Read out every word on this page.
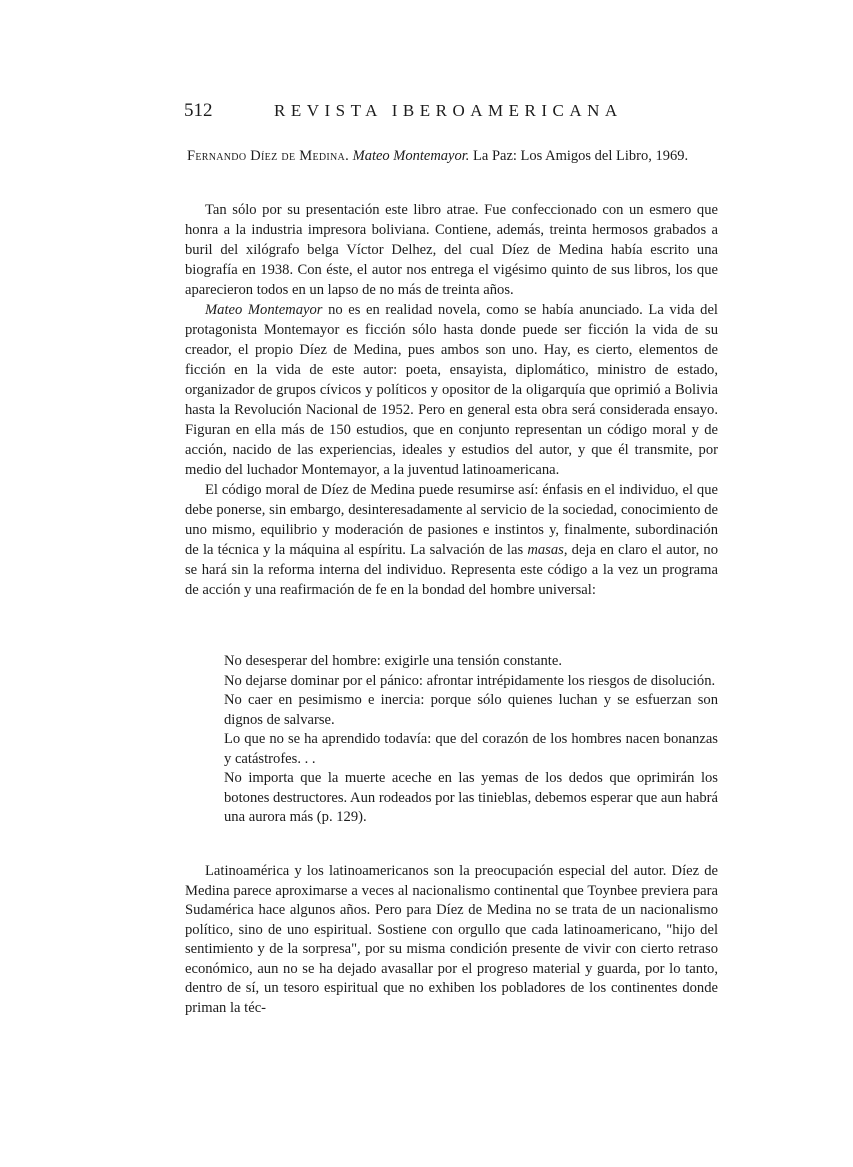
512	REVISTA IBEROAMERICANA
Fernando Díez de Medina. Mateo Montemayor. La Paz: Los Amigos del Libro, 1969.

Tan sólo por su presentación este libro atrae. Fue confeccionado con un esmero que honra a la industria impresora boliviana. Contiene, además, treinta hermosos grabados a buril del xilógrafo belga Víctor Delhez, del cual Díez de Medina había escrito una biografía en 1938. Con éste, el autor nos entrega el vigésimo quinto de sus libros, los que aparecieron todos en un lapso de no más de treinta años.

Mateo Montemayor no es en realidad novela, como se había anunciado. La vida del protagonista Montemayor es ficción sólo hasta donde puede ser ficción la vida de su creador, el propio Díez de Medina, pues ambos son uno. Hay, es cierto, elementos de ficción en la vida de este autor: poeta, ensayista, diplomático, ministro de estado, organizador de grupos cívicos y políticos y opositor de la oligarquía que oprimió a Bolivia hasta la Revolución Nacional de 1952. Pero en general esta obra será considerada ensayo. Figuran en ella más de 150 estudios, que en conjunto representan un código moral y de acción, nacido de las experiencias, ideales y estudios del autor, y que él transmite, por medio del luchador Montemayor, a la juventud latinoamericana.

El código moral de Díez de Medina puede resumirse así: énfasis en el individuo, el que debe ponerse, sin embargo, desinteresadamente al servicio de la sociedad, conocimiento de uno mismo, equilibrio y moderación de pasiones e instintos y, finalmente, subordinación de la técnica y la máquina al espíritu. La salvación de las masas, deja en claro el autor, no se hará sin la reforma interna del individuo. Representa este código a la vez un programa de acción y una reafirmación de fe en la bondad del hombre universal:

No desesperar del hombre: exigirle una tensión constante.

No dejarse dominar por el pánico: afrontar intrépidamente los riesgos de disolución.

No caer en pesimismo e inercia: porque sólo quienes luchan y se esfuerzan son dignos de salvarse.

Lo que no se ha aprendido todavía: que del corazón de los hombres nacen bonanzas y catástrofes. . .

No importa que la muerte aceche en las yemas de los dedos que oprimirán los botones destructores. Aun rodeados por las tinieblas, debemos esperar que aun habrá una aurora más (p. 129).

Latinoamérica y los latinoamericanos son la preocupación especial del autor. Díez de Medina parece aproximarse a veces al nacionalismo continental que Toynbee previera para Sudamérica hace algunos años. Pero para Díez de Medina no se trata de un nacionalismo político, sino de uno espiritual. Sostiene con orgullo que cada latinoamericano, "hijo del sentimiento y de la sorpresa", por su misma condición presente de vivir con cierto retraso económico, aun no se ha dejado avasallar por el progreso material y guarda, por lo tanto, dentro de sí, un tesoro espiritual que no exhiben los pobladores de los continentes donde priman la téc-
